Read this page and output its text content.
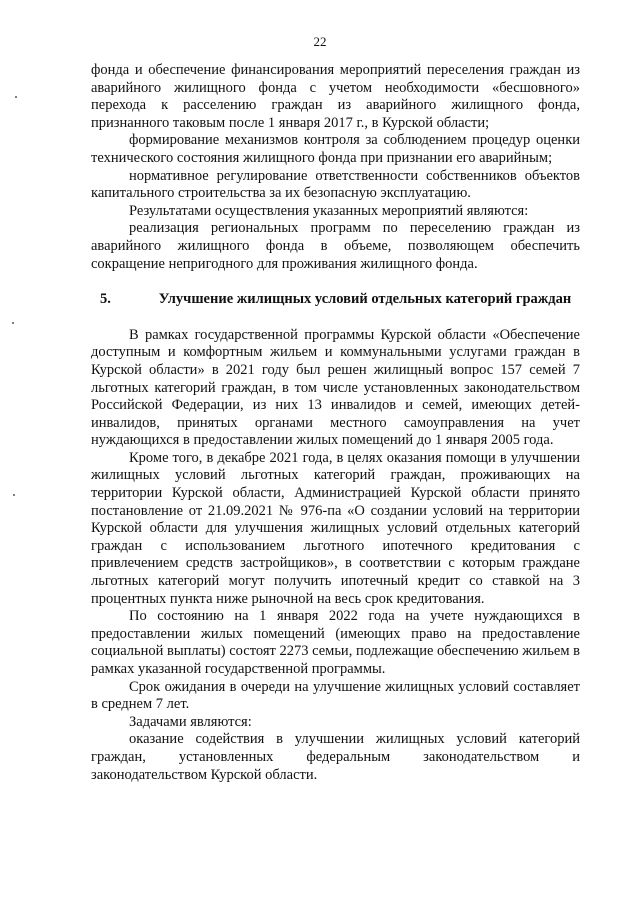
22

фонда и обеспечение финансирования мероприятий переселения граждан из аварийного жилищного фонда с учетом необходимости «бесшовного» перехода к расселению граждан из аварийного жилищного фонда, признанного таковым после 1 января 2017 г., в Курской области;

формирование механизмов контроля за соблюдением процедур оценки технического состояния жилищного фонда при признании его аварийным;

нормативное регулирование ответственности собственников объектов капитального строительства за их безопасную эксплуатацию.

Результатами осуществления указанных мероприятий являются:

реализация региональных программ по переселению граждан из аварийного жилищного фонда в объеме, позволяющем обеспечить сокращение непригодного для проживания жилищного фонда.

5.	Улучшение жилищных условий отдельных категорий граждан

В рамках государственной программы Курской области «Обеспечение доступным и комфортным жильем и коммунальными услугами граждан в Курской области» в 2021 году был решен жилищный вопрос 157 семей 7 льготных категорий граждан, в том числе установленных законодательством Российской Федерации, из них 13 инвалидов и семей, имеющих детей-инвалидов, принятых органами местного самоуправления на учет нуждающихся в предоставлении жилых помещений до 1 января 2005 года.

Кроме того, в декабре 2021 года, в целях оказания помощи в улучшении жилищных условий льготных категорий граждан, проживающих на территории Курской области, Администрацией Курской области принято постановление от 21.09.2021 № 976-па «О создании условий на территории Курской области для улучшения жилищных условий отдельных категорий граждан с использованием льготного ипотечного кредитования с привлечением средств застройщиков», в соответствии с которым граждане льготных категорий могут получить ипотечный кредит со ставкой на 3 процентных пункта ниже рыночной на весь срок кредитования.

По состоянию на 1 января 2022 года на учете нуждающихся в предоставлении жилых помещений (имеющих право на предоставление социальной выплаты) состоят 2273 семьи, подлежащие обеспечению жильем в рамках указанной государственной программы.

Срок ожидания в очереди на улучшение жилищных условий составляет в среднем 7 лет.

Задачами являются:

оказание содействия в улучшении жилищных условий категорий граждан, установленных федеральным законодательством и законодательством Курской области.
